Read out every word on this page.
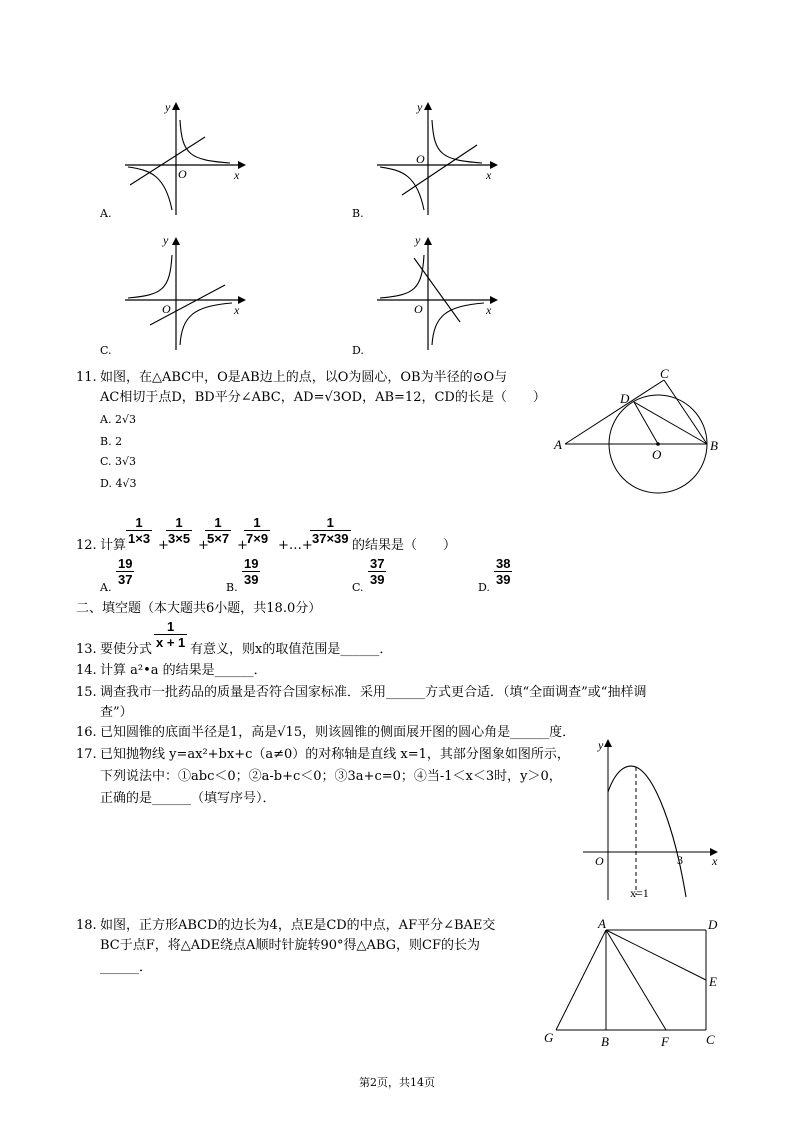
y
O	x
A.
y
O
x
B.
y
O	x
C.
y
O	x
D.
11. 如图，在△ABC中，O是AB边上的点，以O为圆心，OB为半径的⊙O与
AC相切于点D，BD平分∠ABC，AD=√3OD，AB=12，CD的长是（　　）
A. 2√3
B. 2
C. 3√3
D. 4√3
A	B
C
D
O
12. 计算 $\frac{1}{1\times 3}$ +
$\frac{1}{3\times 5}$ +
$\frac{1}{5\times 7}$ +
$\frac{1}{7\times 9}$ +…+
$\frac{1}{37\times 39}$ 的结果是（　　）
A.
$\frac{19}{37}$
B.
$\frac{19}{39}$
C.
$\frac{37}{39}$
D.
$\frac{38}{39}$
二、填空题（本大题共6小题，共18.0分）
13. 要使分式 $\frac{1}{x + 1}$ 有意义，则x的取值范围是______．
14. 计算 a²•a 的结果是______．
15. 调查我市一批药品的质量是否符合国家标准．采用______方式更合适．（填“全面调查”或“抽样调
查”）
16. 已知圆锥的底面半径是1，高是√15，则该圆锥的侧面展开图的圆心角是______度．
17. 已知抛物线 y=ax²+bx+c（a≠0）的对称轴是直线 x=1，其部分图象如图所示，
下列说法中：①abc＜0；②a-b+c＜0；③3a+c=0；④当-1＜x＜3时，y＞0，
正确的是______（填写序号）．
y
O	3 x
x=1
18. 如图，正方形ABCD的边长为4，点E是CD的中点，AF平分∠BAE交
BC于点F，将△ADE绕点A顺时针旋转90°得△ABG，则CF的长为
______．
A	D
E
C
F
B
G
第2页，共14页
